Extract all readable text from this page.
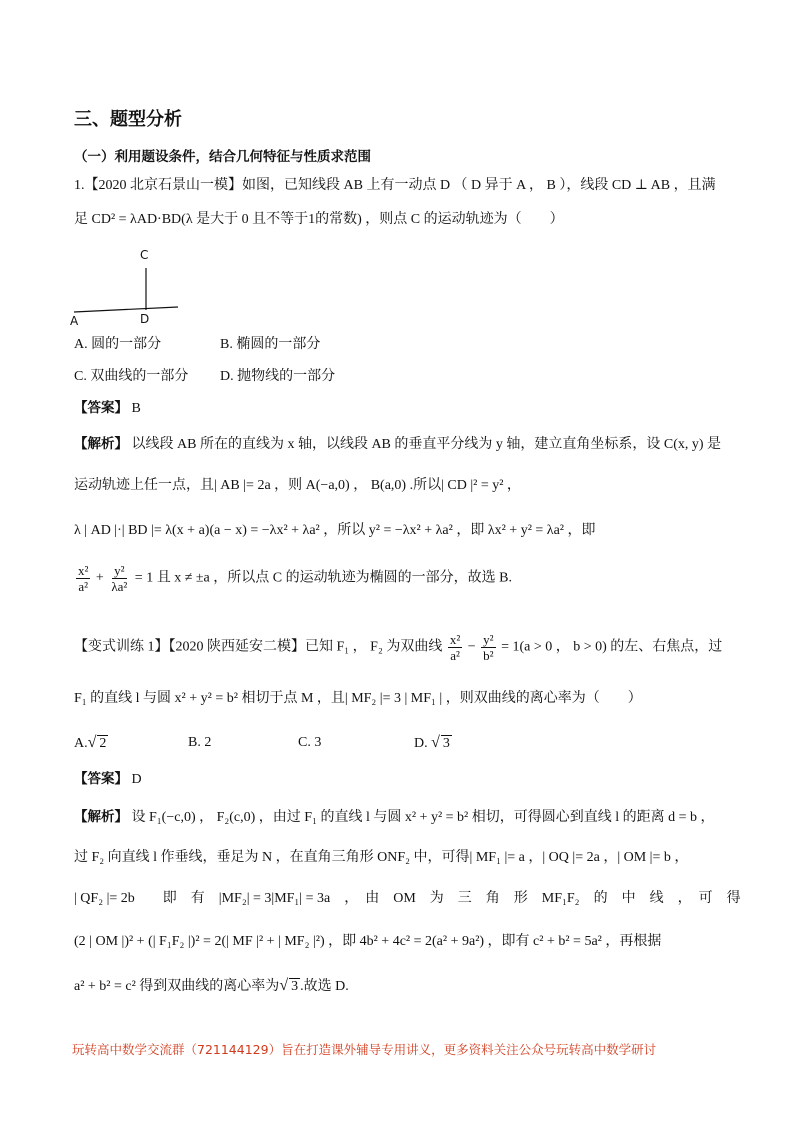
三、题型分析
（一）利用题设条件，结合几何特征与性质求范围
1.【2020 北京石景山一模】如图，已知线段 AB 上有一动点 D （ D 异于 A ， B ），线段 CD ⊥ AB ，且满
足 CD² = λAD·BD(λ 是大于 0 且不等于1的常数) ，则点 C 的运动轨迹为（　　）
C
A	D
A. 圆的一部分	B. 椭圆的一部分
C. 双曲线的一部分 D. 抛物线的一部分
【答案】 B
【解析】 以线段 AB 所在的直线为 x 轴，以线段 AB 的垂直平分线为 y 轴，建立直角坐标系，设 C(x, y) 是
运动轨迹上任一点，且| AB |= 2a ，则 A(−a,0) ， B(a,0) .所以| CD |² = y² ，
λ | AD |·| BD |= λ(x + a)(a − x) = −λx² + λa² ，所以 y² = −λx² + λa² ，即 λx² + y² = λa² ，即
$\frac{\text{x²}}{\text{a²}} + \frac{\text{y²}}{\text{λa²}} = 1$ 且 x ≠ ±a ，所以点 C 的运动轨迹为椭圆的一部分，故选 B.
【变式训练 1】【2020 陕西延安二模】已知 F₁ ， F₂ 为双曲线 $\frac{\text{x²}}{\text{a²}} - \frac{\text{y²}}{\text{b²}} = 1(a > 0$ ， b > 0) 的左、右焦点，过
F₁ 的直线 l 与圆 x² + y² = b² 相切于点 M ，且| MF₂ |= 3 | MF₁ | ，则双曲线的离心率为（　　）
A.√ 2	B. 2	C. 3	D. √ 3
【答案】 D
【解析】 设 F₁(−c,0) ， F₂(c,0) ，由过 F₁ 的直线 l 与圆 x² + y² = b² 相切，可得圆心到直线 l 的距离 d = b ，
过 F₂ 向直线 l 作垂线，垂足为 N ，在直角三角形 ONF₂ 中，可得| MF₁ |= a ，| OQ |= 2a ，| OM |= b ，
| QF₂ |= 2b　　即　有　|MF₂| = 3|MF₁| = 3a　，　由　OM　为　三　角　形　MF₁F₂　的　中　线　，　可　得
(2 | OM |)² + (| F₁F₂ |)² = 2(| MF |² + | MF₂ |²) ，即 4b² + 4c² = 2(a² + 9a²) ，即有 c² + b² = 5a² ，再根据
a² + b² = c² 得到双曲线的离心率为√ 3 .故选 D.
玩转高中数学交流群（721144129）旨在打造课外辅导专用讲义，更多资料关注公众号玩转高中数学研讨
